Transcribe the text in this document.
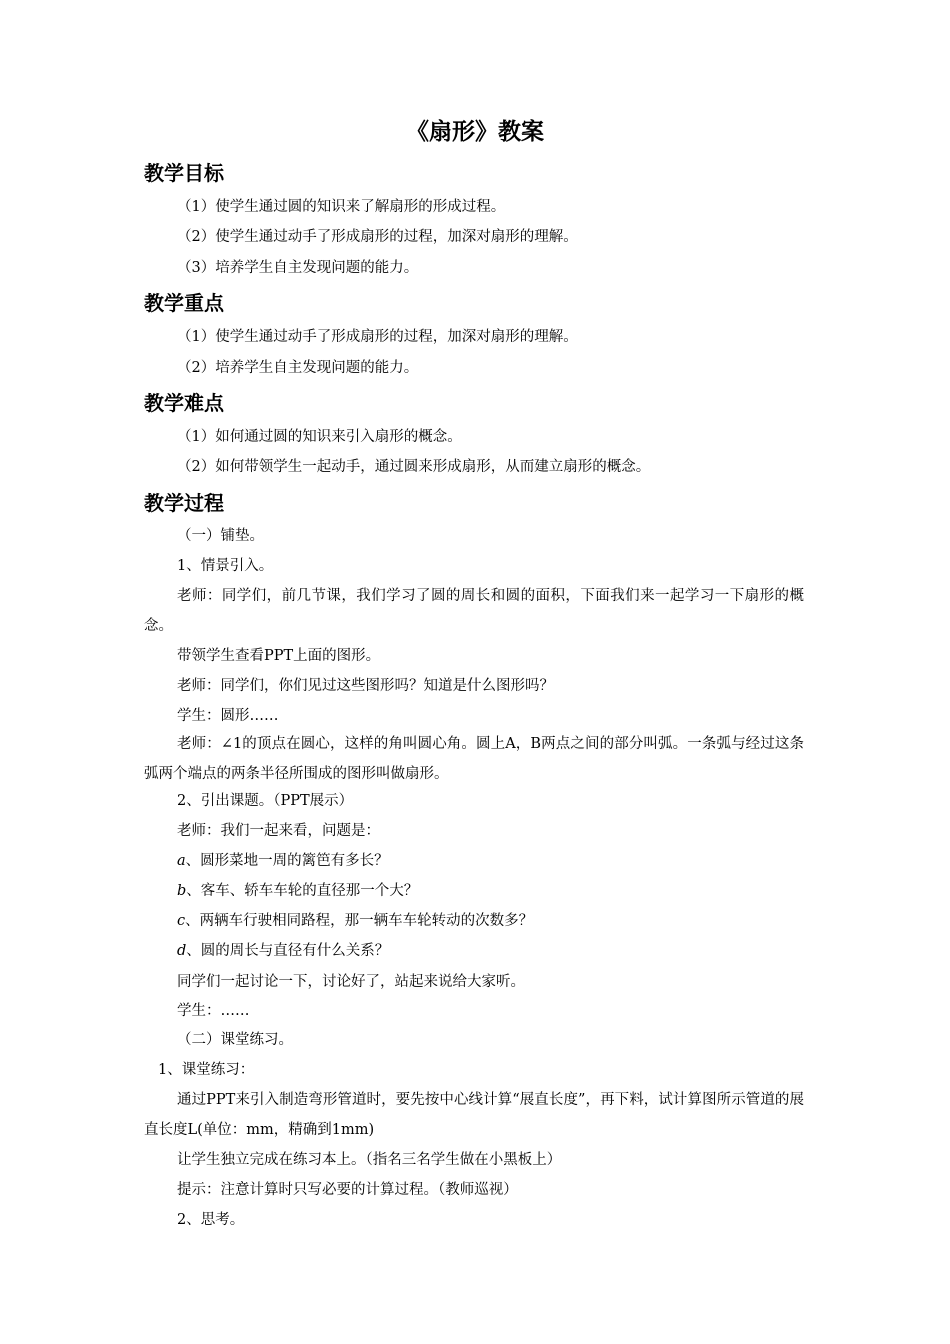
《扇形》教案
教学目标
（1）使学生通过圆的知识来了解扇形的形成过程。
（2）使学生通过动手了形成扇形的过程，加深对扇形的理解。
（3）培养学生自主发现问题的能力。
教学重点
（1）使学生通过动手了形成扇形的过程，加深对扇形的理解。
（2）培养学生自主发现问题的能力。
教学难点
（1）如何通过圆的知识来引入扇形的概念。
（2）如何带领学生一起动手，通过圆来形成扇形，从而建立扇形的概念。
教学过程
（一）铺垫。
1、情景引入。
老师：同学们，前几节课，我们学习了圆的周长和圆的面积，下面我们来一起学习一下扇形的概念。
带领学生查看PPT上面的图形。
老师：同学们，你们见过这些图形吗？知道是什么图形吗？
学生：圆形……
老师：∠1的顶点在圆心，这样的角叫圆心角。圆上A，B两点之间的部分叫弧。一条弧与经过这条弧两个端点的两条半径所围成的图形叫做扇形。
2、引出课题。（PPT展示）
老师：我们一起来看，问题是：
a、圆形菜地一周的篱笆有多长？
b、客车、轿车车轮的直径那一个大？
c、两辆车行驶相同路程，那一辆车车轮转动的次数多？
d、圆的周长与直径有什么关系？
同学们一起讨论一下，讨论好了，站起来说给大家听。
学生：……
（二）课堂练习。
1、课堂练习：
通过PPT来引入制造弯形管道时，要先按中心线计算“展直长度”，再下料，试计算图所示管道的展直长度L(单位：mm，精确到1mm)
让学生独立完成在练习本上。（指名三名学生做在小黑板上）
提示：注意计算时只写必要的计算过程。（教师巡视）
2、思考。
